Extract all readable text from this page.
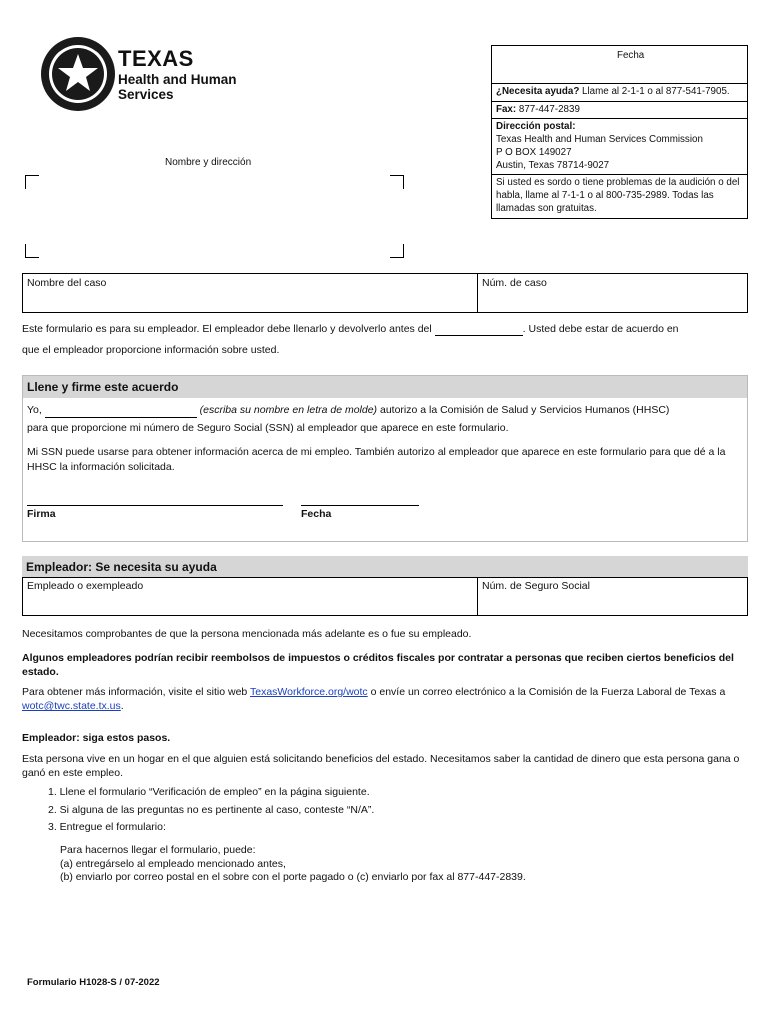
TEXAS
Health and Human
Services
Fecha
¿Necesita ayuda? Llame al 2-1-1 o al 877-541-7905.
Fax: 877-447-2839
Dirección postal:
Texas Health and Human Services Commission
P O BOX 149027
Austin, Texas 78714-9027
Si usted es sordo o tiene problemas de la audición o del habla, llame al 7-1-1 o al 800-735-2989. Todas las llamadas son gratuitas.
Nombre y dirección
Nombre del caso	Núm. de caso
Este formulario es para su empleador. El empleador debe llenarlo y devolverlo antes del	. Usted debe estar de acuerdo en
que el empleador proporcione información sobre usted.
Llene y firme este acuerdo
Yo,	(escriba su nombre en letra de molde) autorizo a la Comisión de Salud y Servicios Humanos (HHSC)
para que proporcione mi número de Seguro Social (SSN) al empleador que aparece en este formulario.
Mi SSN puede usarse para obtener información acerca de mi empleo. También autorizo al empleador que aparece en este formulario para que dé a la HHSC la información solicitada.
Firma	Fecha
Empleador: Se necesita su ayuda
Empleado o exempleado	Núm. de Seguro Social
Necesitamos comprobantes de que la persona mencionada más adelante es o fue su empleado.
Algunos empleadores podrían recibir reembolsos de impuestos o créditos fiscales por contratar a personas que reciben ciertos beneficios del estado.
Para obtener más información, visite el sitio web TexasWorkforce.org/wotc o envíe un correo electrónico a la Comisión de la Fuerza Laboral de Texas a wotc@twc.state.tx.us.
Empleador: siga estos pasos.
Esta persona vive en un hogar en el que alguien está solicitando beneficios del estado. Necesitamos saber la cantidad de dinero que esta persona gana o ganó en este empleo.
1. Llene el formulario “Verificación de empleo” en la página siguiente.
2. Si alguna de las preguntas no es pertinente al caso, conteste “N/A”.
3. Entregue el formulario:
Para hacernos llegar el formulario, puede:
(a) entregárselo al empleado mencionado antes,
(b) enviarlo por correo postal en el sobre con el porte pagado o (c) enviarlo por fax al 877-447-2839.
Formulario H1028-S / 07-2022
